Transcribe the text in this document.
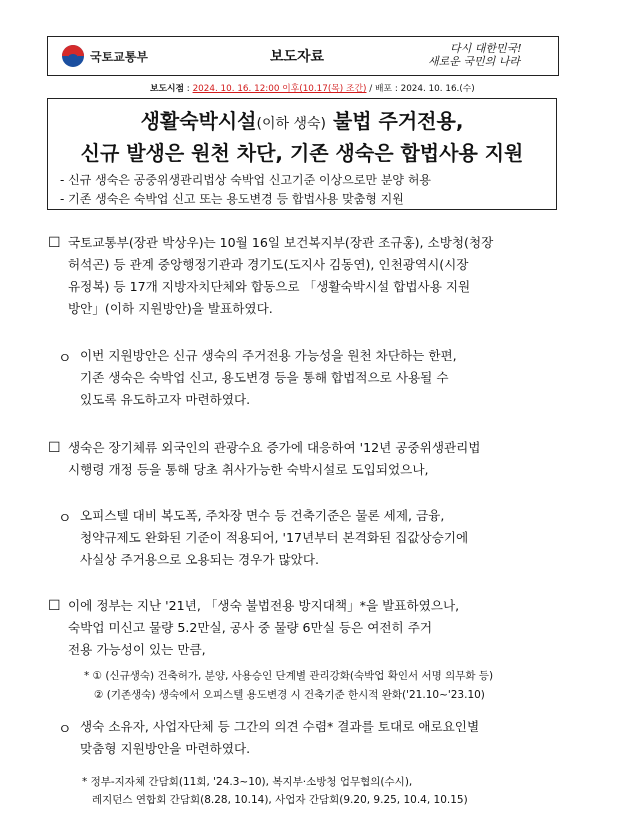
국토교통부	보도자료
다시 대한민국!
새로운 국민의 나라
보도시점 : 2024. 10. 16. 12:00 이후(10.17(목) 조간) / 배포 : 2024. 10. 16.(수)
생활숙박시설(이하 생숙) 불법 주거전용,
신규 발생은 원천 차단, 기존 생숙은 합법사용 지원
- 신규 생숙은 공중위생관리법상 숙박업 신고기준 이상으로만 분양 허용
- 기존 생숙은 숙박업 신고 또는 용도변경 등 합법사용 맞춤형 지원
☐ 국토교통부(장관 박상우)는 10월 16일 보건복지부(장관 조규홍), 소방청(청장
허석곤) 등 관계 중앙행정기관과 경기도(도지사 김동연), 인천광역시(시장
유정복) 등 17개 지방자치단체와 합동으로 「생활숙박시설 합법사용 지원
방안」(이하 지원방안)을 발표하였다.
ㅇ 이번 지원방안은 신규 생숙의 주거전용 가능성을 원천 차단하는 한편,
기존 생숙은 숙박업 신고, 용도변경 등을 통해 합법적으로 사용될 수
있도록 유도하고자 마련하였다.
☐ 생숙은 장기체류 외국인의 관광수요 증가에 대응하여 '12년 공중위생관리법
시행령 개정 등을 통해 당초 취사가능한 숙박시설로 도입되었으나,
ㅇ 오피스텔 대비 복도폭, 주차장 면수 등 건축기준은 물론 세제, 금융,
청약규제도 완화된 기준이 적용되어, '17년부터 본격화된 집값상승기에
사실상 주거용으로 오용되는 경우가 많았다.
☐ 이에 정부는 지난 '21년, 「생숙 불법전용 방지대책」*을 발표하였으나,
숙박업 미신고 물량 5.2만실, 공사 중 물량 6만실 등은 여전히 주거
전용 가능성이 있는 만큼,
* ① (신규생숙) 건축허가, 분양, 사용승인 단계별 관리강화(숙박업 확인서 서명 의무화 등)
② (기존생숙) 생숙에서 오피스텔 용도변경 시 건축기준 한시적 완화('21.10~'23.10)
ㅇ 생숙 소유자, 사업자단체 등 그간의 의견 수렴* 결과를 토대로 애로요인별
맞춤형 지원방안을 마련하였다.
* 정부-지자체 간담회(11회, '24.3~10), 복지부·소방청 업무협의(수시),
레지던스 연합회 간담회(8.28, 10.14), 사업자 간담회(9.20, 9.25, 10.4, 10.15)
